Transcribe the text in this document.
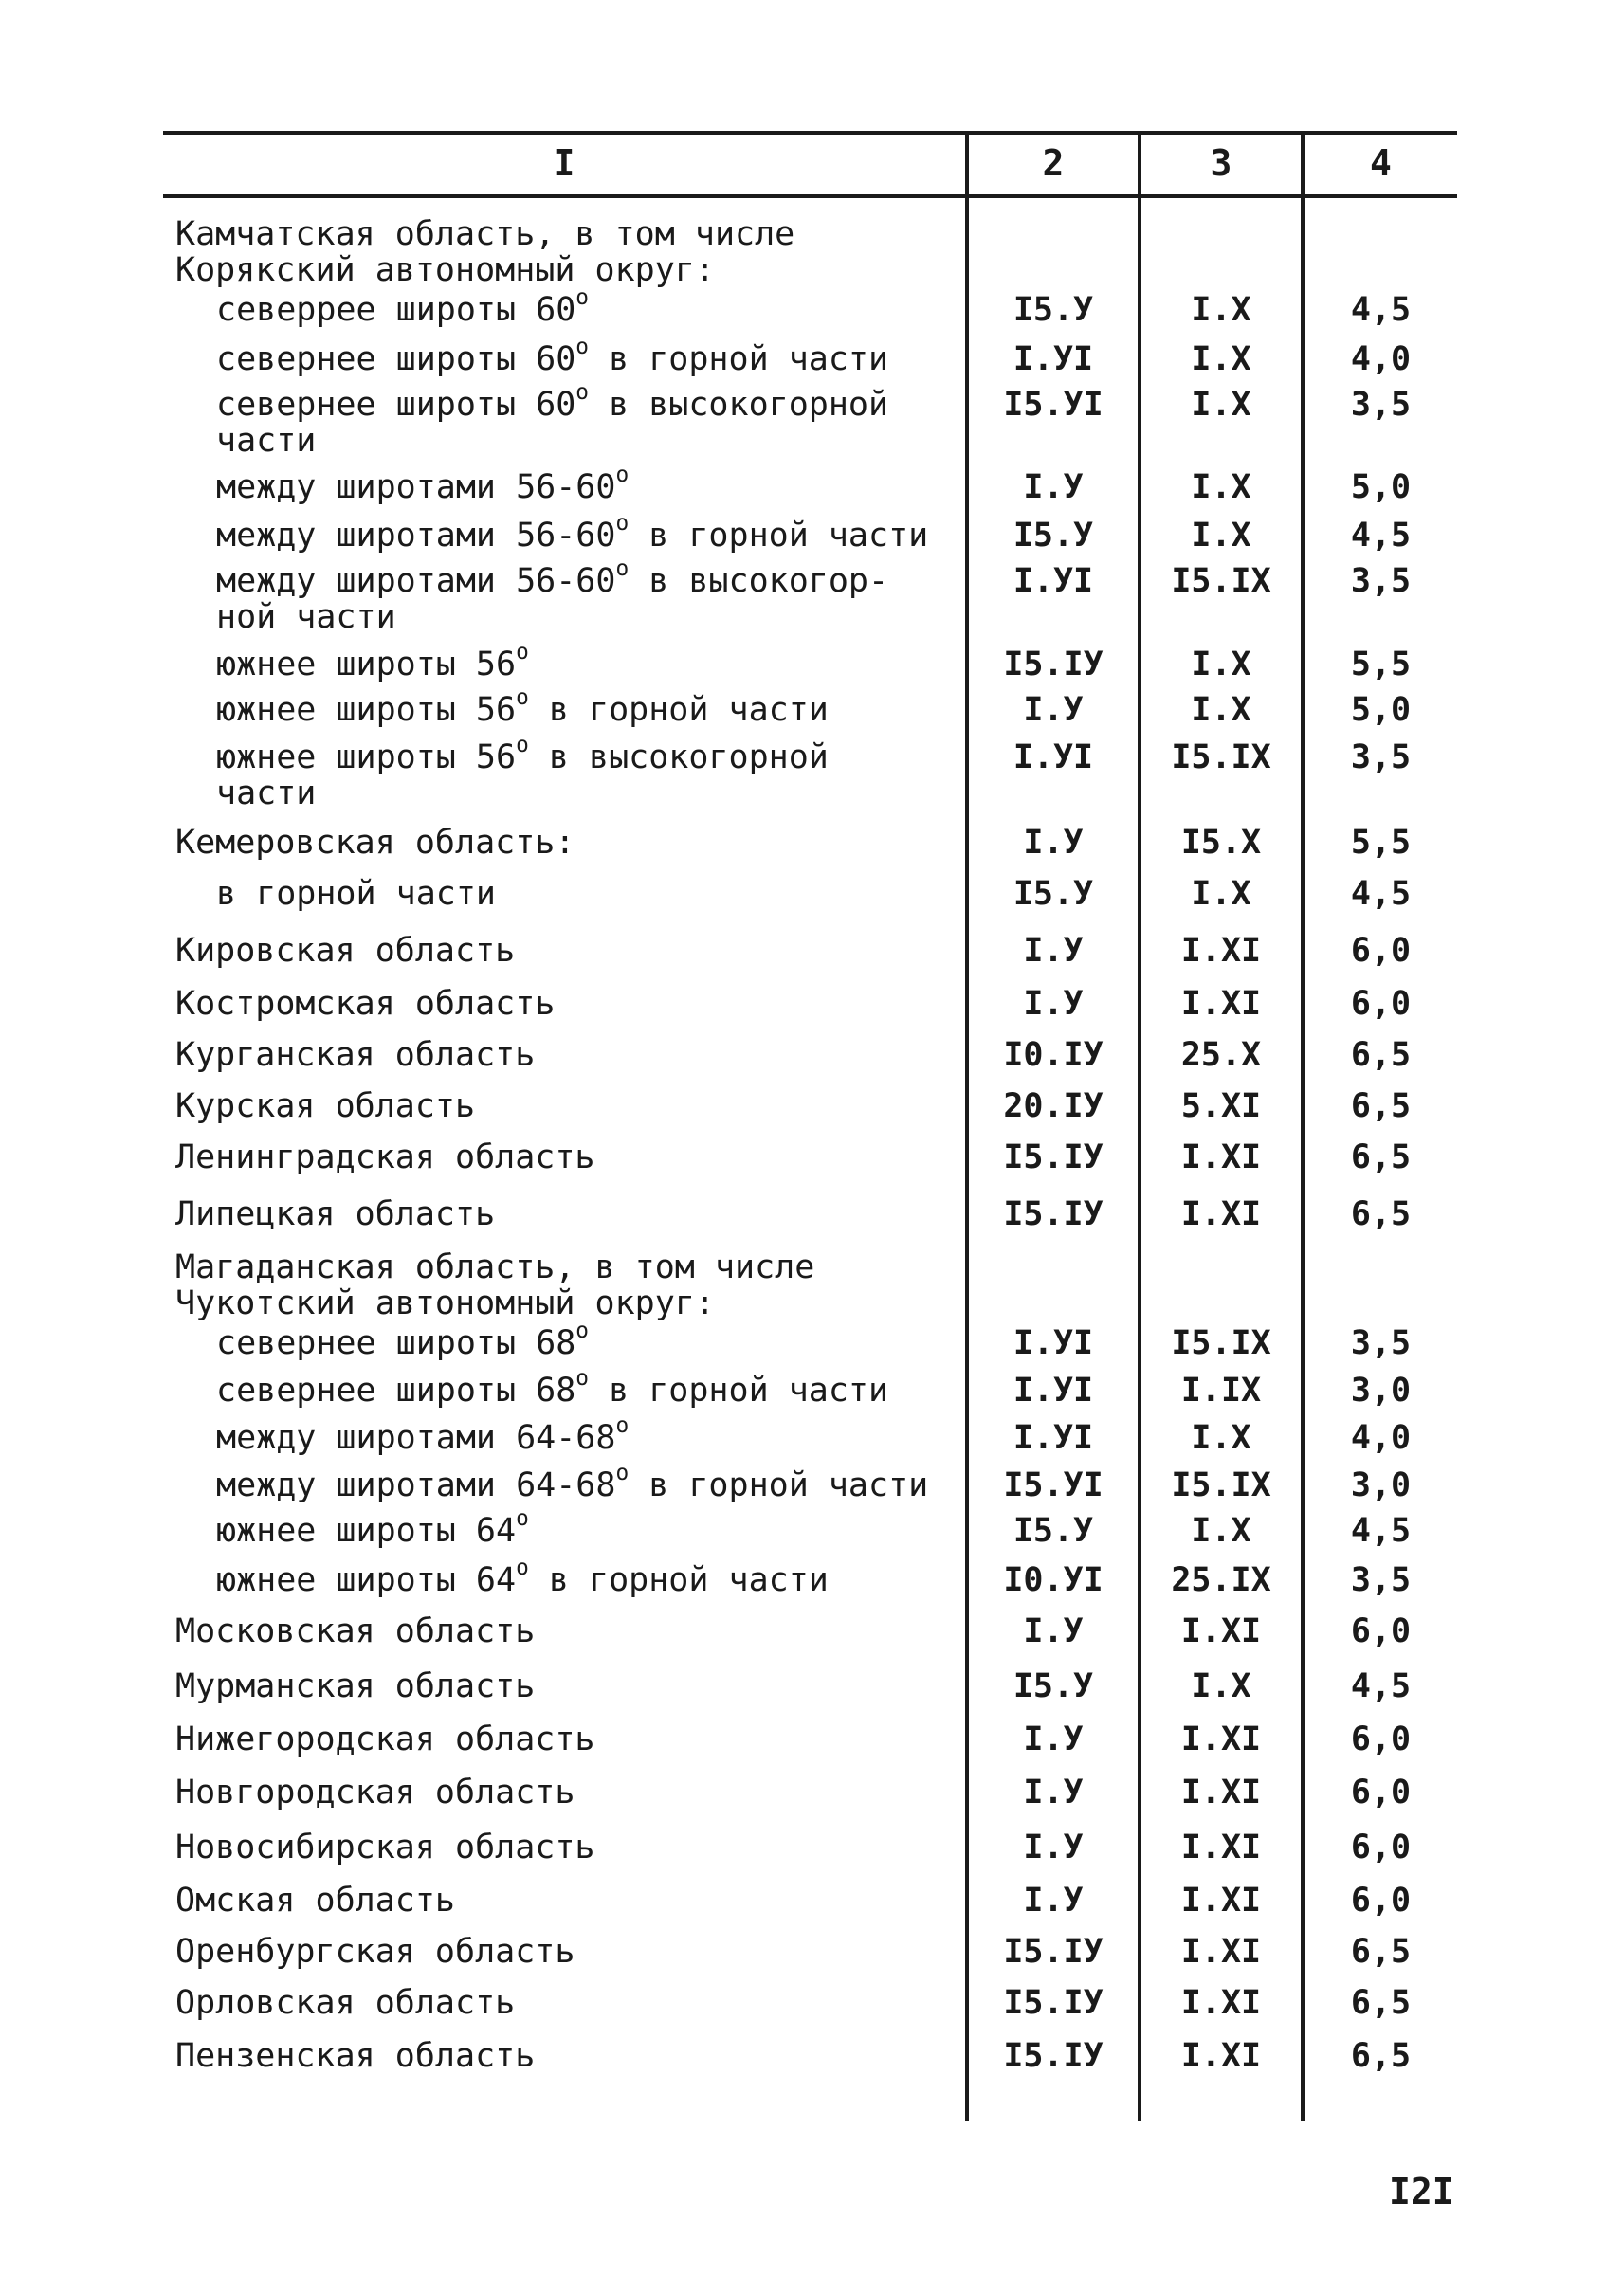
I	2	3	4
Камчатская область, в том числе
Корякский автономный округ:
северрее широты 60$^o$	I5.У	I.X	4,5
севернее широты 60$^o$ в горной части	I.УI	I.X	4,0
севернее широты 60$^o$ в высокогорной
части
I5.УI	I.X	3,5
между широтами 56-60$^o$	I.У	I.X	5,0
между широтами 56-60$^o$ в горной части	I5.У	I.X	4,5
между широтами 56-60$^o$ в высокогор-
ной части
I.УI	I5.IX	3,5
южнее широты 56$^o$	I5.IУ	I.X	5,5
южнее широты 56$^o$ в горной части	I.У	I.X	5,0
южнее широты 56$^o$ в высокогорной
части
I.УI	I5.IX	3,5
Кемеровская область:	I.У	I5.X	5,5
в горной части	I5.У	I.X	4,5
Кировская область	I.У	I.XI	6,0
Костромская область	I.У	I.XI	6,0
Курганская область	I0.IУ	25.X	6,5
Курская область	20.IУ	5.XI	6,5
Ленинградская область	I5.IУ	I.XI	6,5
Липецкая область	I5.IУ	I.XI	6,5
Магаданская область, в том числе
Чукотский автономный округ:
севернее широты 68$^o$	I.УI	I5.IX	3,5
севернее широты 68$^o$ в горной части	I.УI	I.IX	3,0
между широтами 64-68$^o$	I.УI	I.X	4,0
между широтами 64-68$^o$ в горной части	I5.УI	I5.IX	3,0
южнее широты 64$^o$	I5.У	I.X	4,5
южнее широты 64$^o$ в горной части	I0.УI	25.IX	3,5
Московская область	I.У	I.XI	6,0
Мурманская область	I5.У	I.X	4,5
Нижегородская область	I.У	I.XI	6,0
Новгородская область	I.У	I.XI	6,0
Новосибирская область	I.У	I.XI	6,0
Омская область	I.У	I.XI	6,0
Оренбургская область	I5.IУ	I.XI	6,5
Орловская область	I5.IУ	I.XI	6,5
Пензенская область	I5.IУ	I.XI	6,5
I2I
